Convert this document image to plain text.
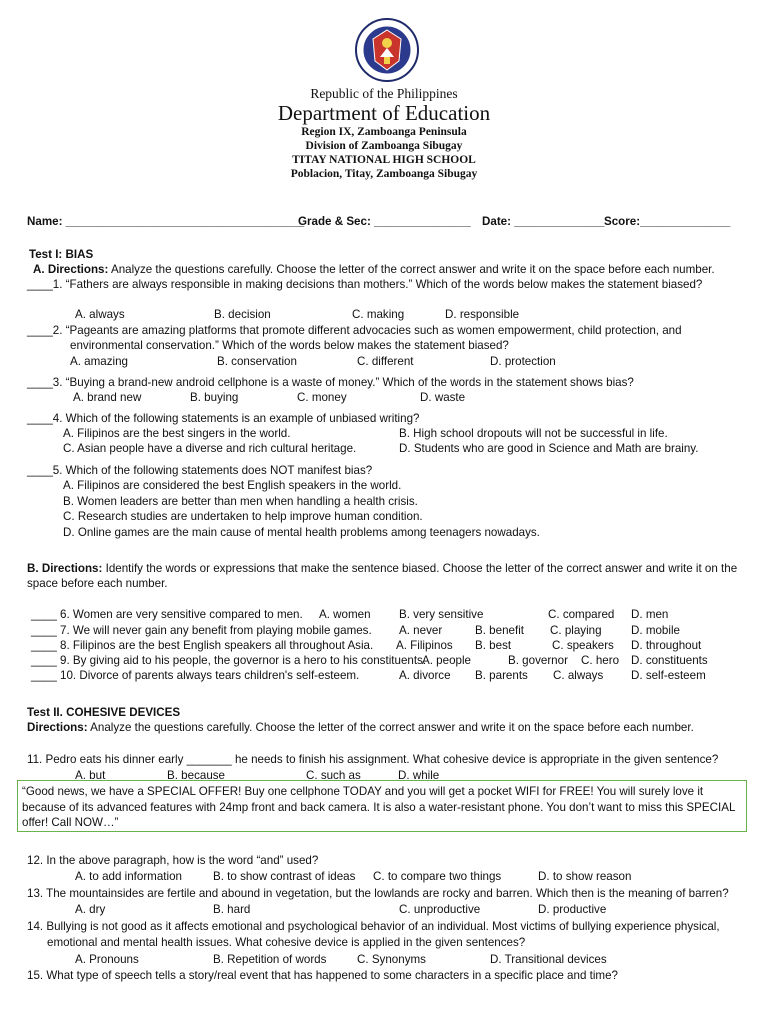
Republic of the Philippines
Department of Education
Region IX, Zamboanga Peninsula
Division of Zamboanga Sibugay
TITAY NATIONAL HIGH SCHOOL
Poblacion, Titay, Zamboanga Sibugay
Name: _____________________________________
Grade & Sec: _______________ Date: ______________ Score:______________
Test I: BIAS
A. Directions: Analyze the questions carefully. Choose the letter of the correct answer and write it on the space before each number.
____1. “Fathers are always responsible in making decisions than mothers.” Which of the words below makes the statement biased?
A. always	B. decision	C. making	D. responsible
____2. “Pageants are amazing platforms that promote different advocacies such as women empowerment, child protection, and
environmental conservation.” Which of the words below makes the statement biased?
A. amazing	B. conservation	C. different	D. protection
____3. “Buying a brand-new android cellphone is a waste of money.” Which of the words in the statement shows bias?
A. brand new	B. buying	C. money	D. waste
____4. Which of the following statements is an example of unbiased writing?
A. Filipinos are the best singers in the world.	B. High school dropouts will not be successful in life.
C. Asian people have a diverse and rich cultural heritage.	D. Students who are good in Science and Math are brainy.
____5. Which of the following statements does NOT manifest bias?
A. Filipinos are considered the best English speakers in the world.
B. Women leaders are better than men when handling a health crisis.
C. Research studies are undertaken to help improve human condition.
D. Online games are the main cause of mental health problems among teenagers nowadays.
B. Directions: Identify the words or expressions that make the sentence biased. Choose the letter of the correct answer and write it on the
space before each number.
____ 6. Women are very sensitive compared to men. A. women B. very sensitive	C. compared D. men
____ 7. We will never gain any benefit from playing mobile games. A. never	B. benefit C. playing	D. mobile
____ 8. Filipinos are the best English speakers all throughout Asia. A. Filipinos B. best	C. speakers D. throughout
____ 9. By giving aid to his people, the governor is a hero to his constituents.
A. people	B. governor C. hero D. constituents
____ 10. Divorce of parents always tears children's self-esteem.	A. divorce B. parents C. always D. self-esteem
Test II. COHESIVE DEVICES
Directions: Analyze the questions carefully. Choose the letter of the correct answer and write it on the space before each number.
11. Pedro eats his dinner early _______ he needs to finish his assignment. What cohesive device is appropriate in the given sentence?
A. but	B. because	C. such as	D. while
“Good news, we have a SPECIAL OFFER! Buy one cellphone TODAY and you will get a pocket WIFI for FREE! You will surely love it because of its advanced features with 24mp front and back camera. It is also a water-resistant phone. You don’t want to miss this SPECIAL offer! Call NOW…”
12. In the above paragraph, how is the word “and” used?
A. to add information	B. to show contrast of ideas C. to compare two things	D. to show reason
13. The mountainsides are fertile and abound in vegetation, but the lowlands are rocky and barren. Which then is the meaning of barren?
A. dry	B. hard	C. unproductive	D. productive
14. Bullying is not good as it affects emotional and psychological behavior of an individual. Most victims of bullying experience physical,
emotional and mental health issues. What cohesive device is applied in the given sentences?
A. Pronouns	B. Repetition of words	C. Synonyms	D. Transitional devices
15. What type of speech tells a story/real event that has happened to some characters in a specific place and time?
